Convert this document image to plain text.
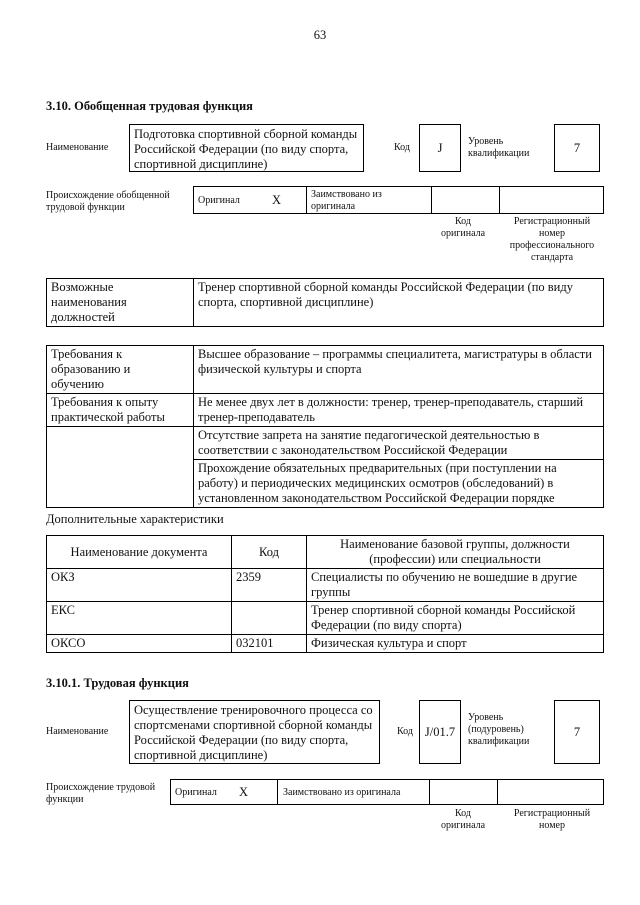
63
3.10. Обобщенная трудовая функция
Наименование
Подготовка спортивной сборной команды Российской Федерации (по виду спорта, спортивной дисциплине)
Код	J	Уровень
квалификации	7
Происхождение обобщенной
трудовой функции
Оригинал	X	Заимствовано из
оригинала
Код
оригинала
Регистрационный
номер
профессионального
стандарта
Возможные
наименования
должностей	Тренер спортивной сборной команды Российской Федерации (по виду спорта, спортивной дисциплине)
Требования к
образованию и
обучению	Высшее образование – программы специалитета, магистратуры в области физической культуры и спорта
Требования к опыту
практической работы	Не менее двух лет в должности: тренер, тренер-преподаватель, старший тренер-преподаватель
	Отсутствие запрета на занятие педагогической деятельностью в соответствии с законодательством Российской Федерации
	Прохождение обязательных предварительных (при поступлении на работу) и периодических медицинских осмотров (обследований) в установленном законодательством Российской Федерации порядке
Дополнительные характеристики
Наименование документа	Код	Наименование базовой группы, должности (профессии) или специальности
ОКЗ	2359	Специалисты по обучению не вошедшие в другие группы
ЕКС		Тренер спортивной сборной команды Российской Федерации (по виду спорта)
ОКСО	032101	Физическая культура и спорт
3.10.1. Трудовая функция
Наименование
Осуществление тренировочного процесса со спортсменами спортивной сборной команды Российской Федерации (по виду спорта, спортивной дисциплине)
Код J/01.7
Уровень
(подуровень)
квалификации
7
Происхождение трудовой
функции
Оригинал X	Заимствовано из оригинала
Код
оригинала
Регистрационный
номер
